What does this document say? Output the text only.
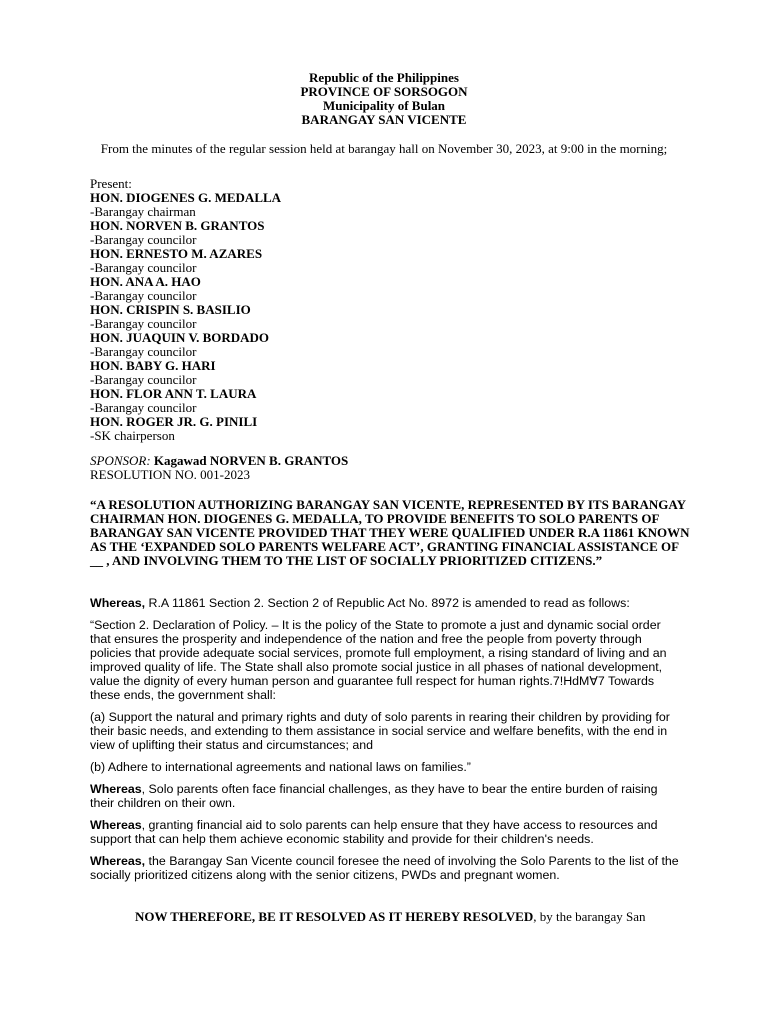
Republic of the Philippines
PROVINCE OF SORSOGON
Municipality of Bulan
BARANGAY SAN VICENTE
From the minutes of the regular session held at barangay hall on November 30, 2023, at 9:00 in the morning;
Present:
HON. DIOGENES G. MEDALLA
-Barangay chairman
HON. NORVEN B. GRANTOS
-Barangay councilor
HON. ERNESTO M. AZARES
-Barangay councilor
HON. ANA A. HAO
-Barangay councilor
HON. CRISPIN S. BASILIO
-Barangay councilor
HON. JUAQUIN V. BORDADO
-Barangay councilor
HON. BABY G. HARI
-Barangay councilor
HON. FLOR ANN T. LAURA
-Barangay councilor
HON. ROGER JR. G. PINILI
-SK chairperson
SPONSOR: Kagawad NORVEN B. GRANTOS
RESOLUTION NO. 001-2023
“A RESOLUTION AUTHORIZING BARANGAY SAN VICENTE, REPRESENTED BY ITS BARANGAY CHAIRMAN HON. DIOGENES G. MEDALLA, TO PROVIDE BENEFITS TO SOLO PARENTS OF BARANGAY SAN VICENTE PROVIDED THAT THEY WERE QUALIFIED UNDER R.A 11861 KNOWN AS THE ‘EXPANDED SOLO PARENTS WELFARE ACT’, GRANTING FINANCIAL ASSISTANCE OF __ , AND INVOLVING THEM TO THE LIST OF SOCIALLY PRIORITIZED CITIZENS.”

Whereas, R.A 11861 Section 2. Section 2 of Republic Act No. 8972 is amended to read as follows:

“Section 2. Declaration of Policy. – It is the policy of the State to promote a just and dynamic social order that ensures the prosperity and independence of the nation and free the people from poverty through policies that provide adequate social services, promote full employment, a rising standard of living and an improved quality of life. The State shall also promote social justice in all phases of national development, value the dignity of every human person and guarantee full respect for human rights.7!HdM∀7 Towards these ends, the government shall:

(a) Support the natural and primary rights and duty of solo parents in rearing their children by providing for their basic needs, and extending to them assistance in social service and welfare benefits, with the end in view of uplifting their status and circumstances; and

(b) Adhere to international agreements and national laws on families.”

Whereas, Solo parents often face financial challenges, as they have to bear the entire burden of raising their children on their own.

Whereas, granting financial aid to solo parents can help ensure that they have access to resources and support that can help them achieve economic stability and provide for their children's needs.

Whereas, the Barangay San Vicente council foresee the need of involving the Solo Parents to the list of the socially prioritized citizens along with the senior citizens, PWDs and pregnant women.

NOW THEREFORE, BE IT RESOLVED AS IT HEREBY RESOLVED, by the barangay San
